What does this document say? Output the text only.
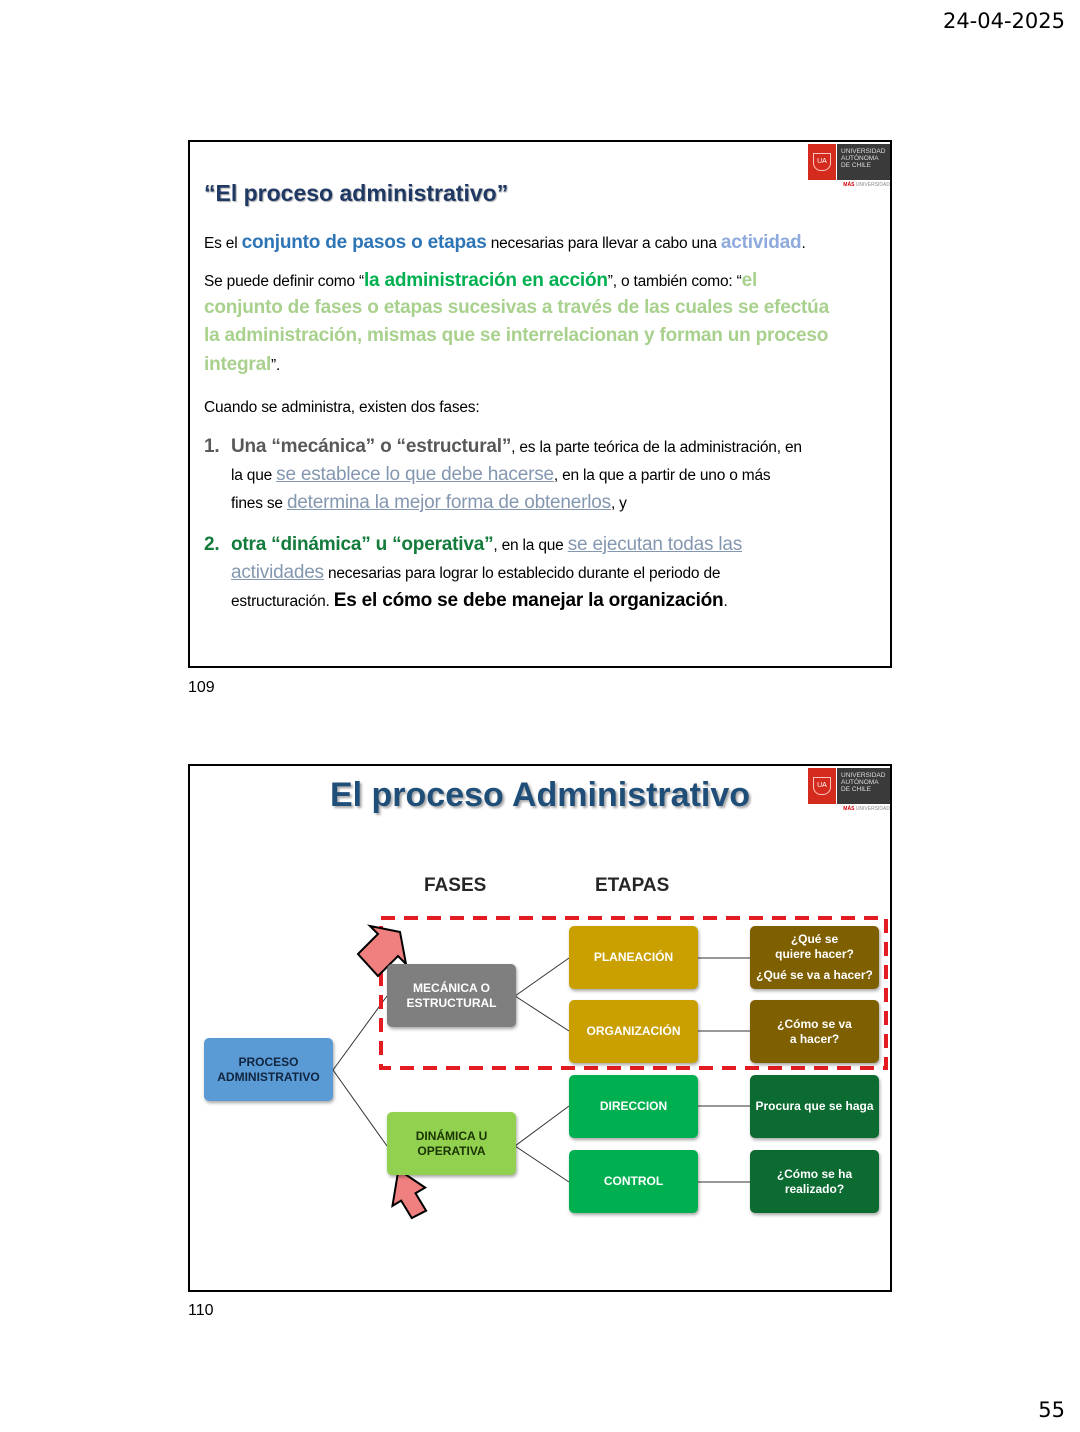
24-04-2025
UA
UNIVERSIDAD
AUTÓNOMA
DE CHILE
MÁS UNIVERSIDAD
“El proceso administrativo”
Es el conjunto de pasos o etapas necesarias para llevar a cabo una actividad.
Se puede definir como “la administración en acción”, o también como: “el
conjunto de fases o etapas sucesivas a través de las cuales se efectúa
la administración, mismas que se interrelacionan y forman un proceso
integral”.
Cuando se administra, existen dos fases:
1. Una “mecánica” o “estructural”, es la parte teórica de la administración, en
la que se establece lo que debe hacerse, en la que a partir de uno o más
fines se determina la mejor forma de obtenerlos, y
2. otra “dinámica” u “operativa”, en la que se ejecutan todas las
actividades necesarias para lograr lo establecido durante el periodo de
estructuración. Es el cómo se debe manejar la organización.
109
UA
UNIVERSIDAD
AUTÓNOMA
DE CHILE
MÁS UNIVERSIDAD
El proceso Administrativo
FASES	ETAPAS
PROCESO ADMINISTRATIVO
MECÁNICA O ESTRUCTURAL
DINÁMICA U OPERATIVA
PLANEACIÓN
ORGANIZACIÓN
DIRECCION
CONTROL
¿Qué se quiere hacer?
¿Qué se va a hacer?
¿Cómo se va a hacer?
Procura que se haga
¿Cómo se ha realizado?
110
55
